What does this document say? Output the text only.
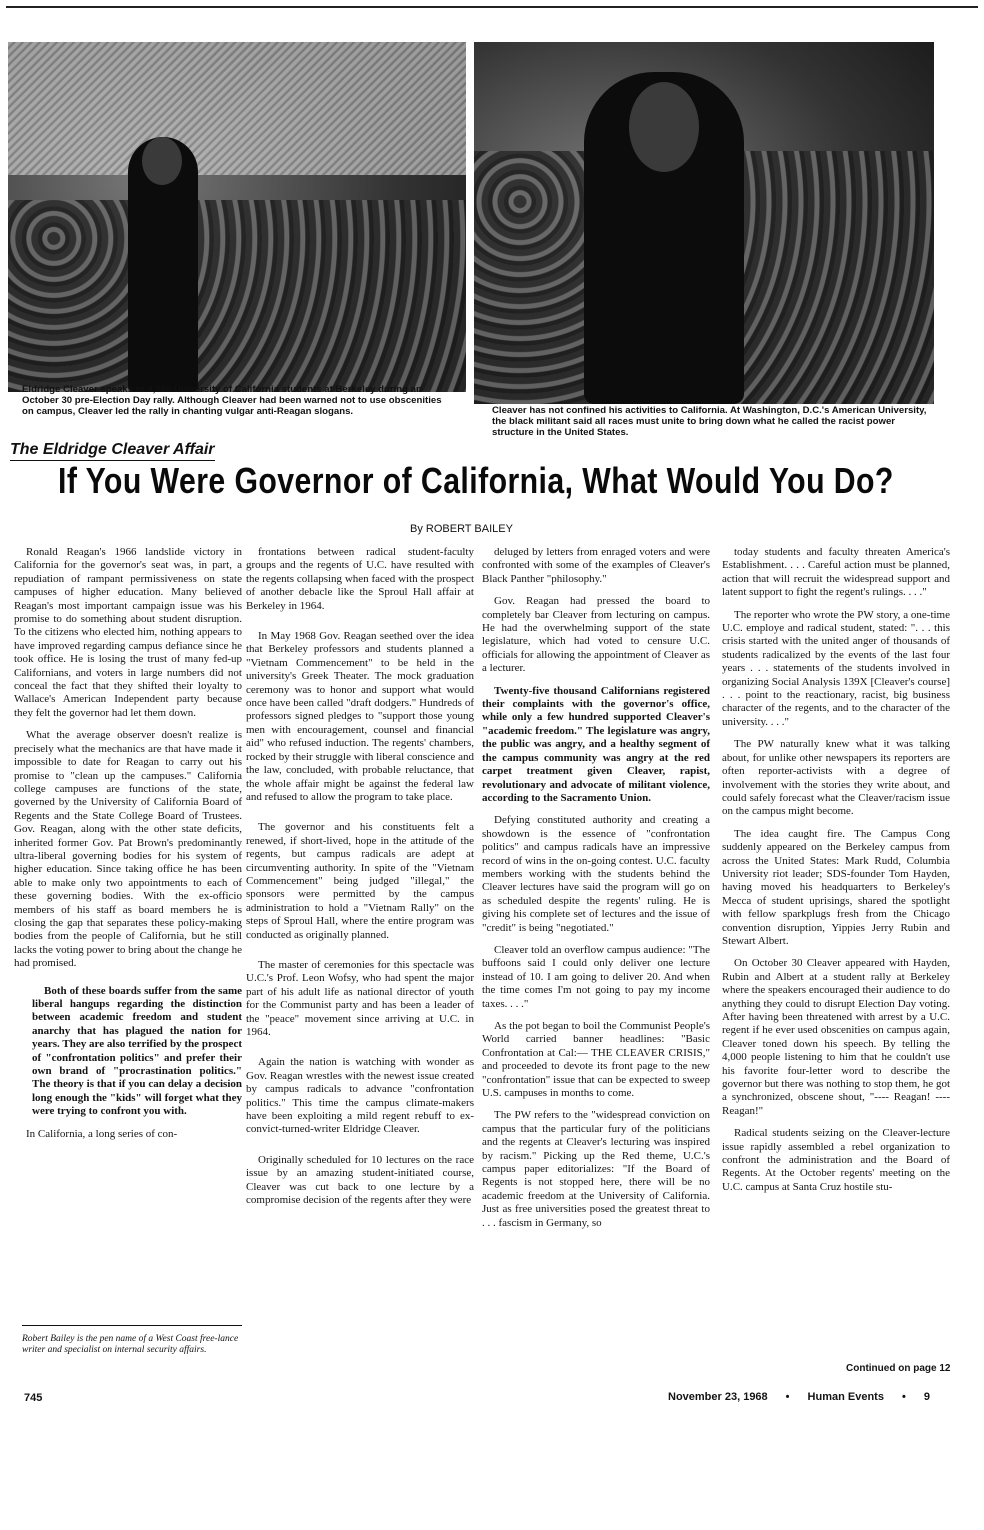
Eldridge Cleaver speaks to 4,000 University of California students at Berkeley during an October 30 pre-Election Day rally. Although Cleaver had been warned not to use obscenities on campus, Cleaver led the rally in chanting vulgar anti-Reagan slogans.	Cleaver has not confined his activities to California. At Washington, D.C.'s American University, the black militant said all races must unite to bring down what he called the racist power structure in the United States.

The Eldridge Cleaver Affair
If You Were Governor of California, What Would You Do?

By ROBERT BAILEY

Ronald Reagan's 1966 landslide victory in California for the governor's seat was, in part, a repudiation of rampant permissiveness on state campuses of higher education. Many believed Reagan's most important campaign issue was his promise to do something about student disruption. To the citizens who elected him, nothing appears to have improved regarding campus defiance since he took office. He is losing the trust of many fed-up Californians, and voters in large numbers did not conceal the fact that they shifted their loyalty to Wallace's American Independent party because they felt the governor had let them down.

What the average observer doesn't realize is precisely what the mechanics are that have made it impossible to date for Reagan to carry out his promise to "clean up the campuses." California college campuses are functions of the state, governed by the University of California Board of Regents and the State College Board of Trustees. Gov. Reagan, along with the other state deficits, inherited former Gov. Pat Brown's predominantly ultra-liberal governing bodies for his system of higher education. Since taking office he has been able to make only two appointments to each of these governing bodies. With the ex-officio members of his staff as board members he is closing the gap that separates these policy-making bodies from the people of California, but he still lacks the voting power to bring about the change he had promised.

Both of these boards suffer from the same liberal hangups regarding the distinction between academic freedom and student anarchy that has plagued the nation for years. They are also terrified by the prospect of "confrontation politics" and prefer their own brand of "procrastination politics." The theory is that if you can delay a decision long enough the "kids" will forget what they were trying to confront you with.

In California, a long series of con-

frontations between radical student-faculty groups and the regents of U.C. have resulted with the regents collapsing when faced with the prospect of another debacle like the Sproul Hall affair at Berkeley in 1964.

In May 1968 Gov. Reagan seethed over the idea that Berkeley professors and students planned a "Vietnam Commencement" to be held in the university's Greek Theater. The mock graduation ceremony was to honor and support what would once have been called "draft dodgers." Hundreds of professors signed pledges to "support those young men with encouragement, counsel and financial aid" who refused induction. The regents' chambers, rocked by their struggle with liberal conscience and the law, concluded, with probable reluctance, that the whole affair might be against the federal law and refused to allow the program to take place.

The governor and his constituents felt a renewed, if short-lived, hope in the attitude of the regents, but campus radicals are adept at circumventing authority. In spite of the "Vietnam Commencement" being judged "illegal," the sponsors were permitted by the campus administration to hold a "Vietnam Rally" on the steps of Sproul Hall, where the entire program was conducted as originally planned.

The master of ceremonies for this spectacle was U.C.'s Prof. Leon Wofsy, who had spent the major part of his adult life as national director of youth for the Communist party and has been a leader of the "peace" movement since arriving at U.C. in 1964.

Again the nation is watching with wonder as Gov. Reagan wrestles with the newest issue created by campus radicals to advance "confrontation politics." This time the campus climate-makers have been exploiting a mild regent rebuff to ex-convict-turned-writer Eldridge Cleaver.

Originally scheduled for 10 lectures on the race issue by an amazing student-initiated course, Cleaver was cut back to one lecture by a compromise decision of the regents after they were

deluged by letters from enraged voters and were confronted with some of the examples of Cleaver's Black Panther "philosophy."

Gov. Reagan had pressed the board to completely bar Cleaver from lecturing on campus. He had the overwhelming support of the state legislature, which had voted to censure U.C. officials for allowing the appointment of Cleaver as a lecturer.

Twenty-five thousand Californians registered their complaints with the governor's office, while only a few hundred supported Cleaver's "academic freedom." The legislature was angry, the public was angry, and a healthy segment of the campus community was angry at the red carpet treatment given Cleaver, rapist, revolutionary and advocate of militant violence, according to the Sacramento Union.

Defying constituted authority and creating a showdown is the essence of "confrontation politics" and campus radicals have an impressive record of wins in the on-going contest. U.C. faculty members working with the students behind the Cleaver lectures have said the program will go on as scheduled despite the regents' ruling. He is giving his complete set of lectures and the issue of "credit" is being "negotiated."

Cleaver told an overflow campus audience: "The buffoons said I could only deliver one lecture instead of 10. I am going to deliver 20. And when the time comes I'm not going to pay my income taxes. . . ."

As the pot began to boil the Communist People's World carried banner headlines: "Basic Confrontation at Cal:— THE CLEAVER CRISIS," and proceeded to devote its front page to the new "confrontation" issue that can be expected to sweep U.S. campuses in months to come.

The PW refers to the "widespread conviction on campus that the particular fury of the politicians and the regents at Cleaver's lecturing was inspired by racism." Picking up the Red theme, U.C.'s campus paper editorializes: "If the Board of Regents is not stopped here, there will be no academic freedom at the University of California. Just as free universities posed the greatest threat to . . . fascism in Germany, so

today students and faculty threaten America's Establishment. . . . Careful action must be planned, action that will recruit the widespread support and latent support to fight the regent's rulings. . . ."

The reporter who wrote the PW story, a one-time U.C. employe and radical student, stated: ". . . this crisis started with the united anger of thousands of students radicalized by the events of the last four years . . . statements of the students involved in organizing Social Analysis 139X [Cleaver's course] . . . point to the reactionary, racist, big business character of the regents, and to the character of the university. . . ."

The PW naturally knew what it was talking about, for unlike other newspapers its reporters are often reporter-activists with a degree of involvement with the stories they write about, and could safely forecast what the Cleaver/racism issue on the campus might become.

The idea caught fire. The Campus Cong suddenly appeared on the Berkeley campus from across the United States: Mark Rudd, Columbia University riot leader; SDS-founder Tom Hayden, having moved his headquarters to Berkeley's Mecca of student uprisings, shared the spotlight with fellow sparkplugs fresh from the Chicago convention disruption, Yippies Jerry Rubin and Stewart Albert.

On October 30 Cleaver appeared with Hayden, Rubin and Albert at a student rally at Berkeley where the speakers encouraged their audience to do anything they could to disrupt Election Day voting. After having been threatened with arrest by a U.C. regent if he ever used obscenities on campus again, Cleaver toned down his speech. By telling the 4,000 people listening to him that he couldn't use his favorite four-letter word to describe the governor but there was nothing to stop them, he got a synchronized, obscene shout, "---- Reagan! ---- Reagan!"

Radical students seizing on the Cleaver-lecture issue rapidly assembled a rebel organization to confront the administration and the Board of Regents. At the October regents' meeting on the U.C. campus at Santa Cruz hostile stu-

Robert Bailey is the pen name of a West Coast free-lance writer and specialist on internal security affairs.

Continued on page 12

745	November 23, 1968 • Human Events • 9
